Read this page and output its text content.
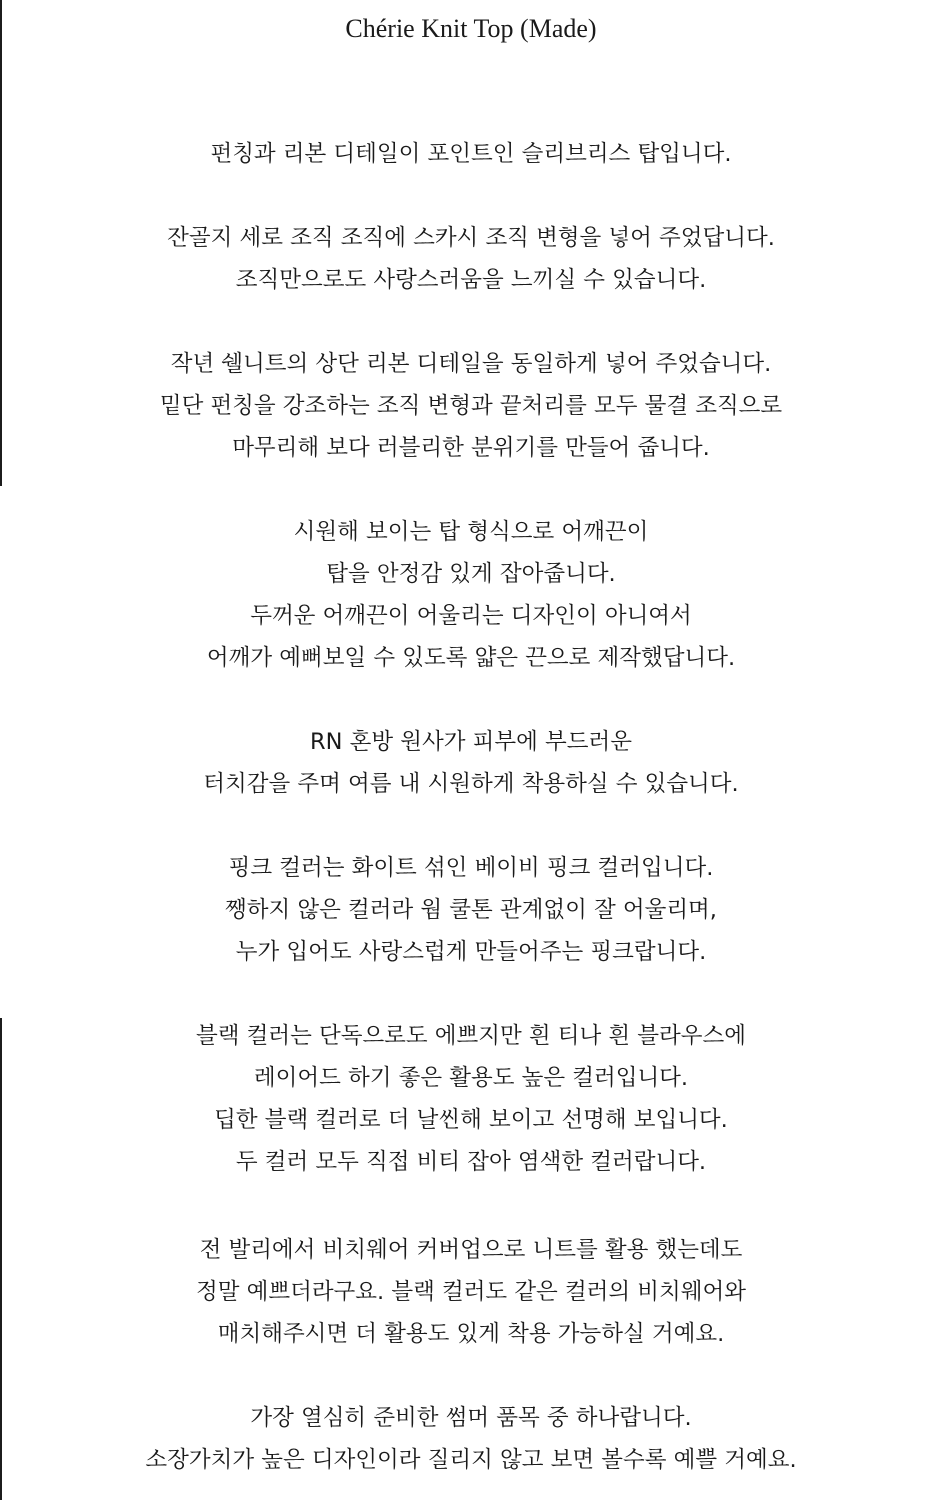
Chérie Knit Top (Made)
펀칭과 리본 디테일이 포인트인 슬리브리스 탑입니다.
잔골지 세로 조직 조직에 스카시 조직 변형을 넣어 주었답니다.
조직만으로도 사랑스러움을 느끼실 수 있습니다.
작년 쉘니트의 상단 리본 디테일을 동일하게 넣어 주었습니다.
밑단 펀칭을 강조하는 조직 변형과 끝처리를 모두 물결 조직으로
마무리해 보다 러블리한 분위기를 만들어 줍니다.
시원해 보이는 탑 형식으로 어깨끈이
탑을 안정감 있게 잡아줍니다.
두꺼운 어깨끈이 어울리는 디자인이 아니여서
어깨가 예뻐보일 수 있도록 얇은 끈으로 제작했답니다.
RN 혼방 원사가 피부에 부드러운
터치감을 주며 여름 내 시원하게 착용하실 수 있습니다.
핑크 컬러는 화이트 섞인 베이비 핑크 컬러입니다.
쨍하지 않은 컬러라 웜 쿨톤 관계없이 잘 어울리며,
누가 입어도 사랑스럽게 만들어주는 핑크랍니다.
블랙 컬러는 단독으로도 에쁘지만 흰 티나 흰 블라우스에
레이어드 하기 좋은 활용도 높은 컬러입니다.
딥한 블랙 컬러로 더 날씬해 보이고 선명해 보입니다.
두 컬러 모두 직접 비티 잡아 염색한 컬러랍니다.
전 발리에서 비치웨어 커버업으로 니트를 활용 했는데도
정말 예쁘더라구요. 블랙 컬러도 같은 컬러의 비치웨어와
매치해주시면 더 활용도 있게 착용 가능하실 거예요.
가장 열심히 준비한 썸머 품목 중 하나랍니다.
소장가치가 높은 디자인이라 질리지 않고 보면 볼수록 예쁠 거예요.
